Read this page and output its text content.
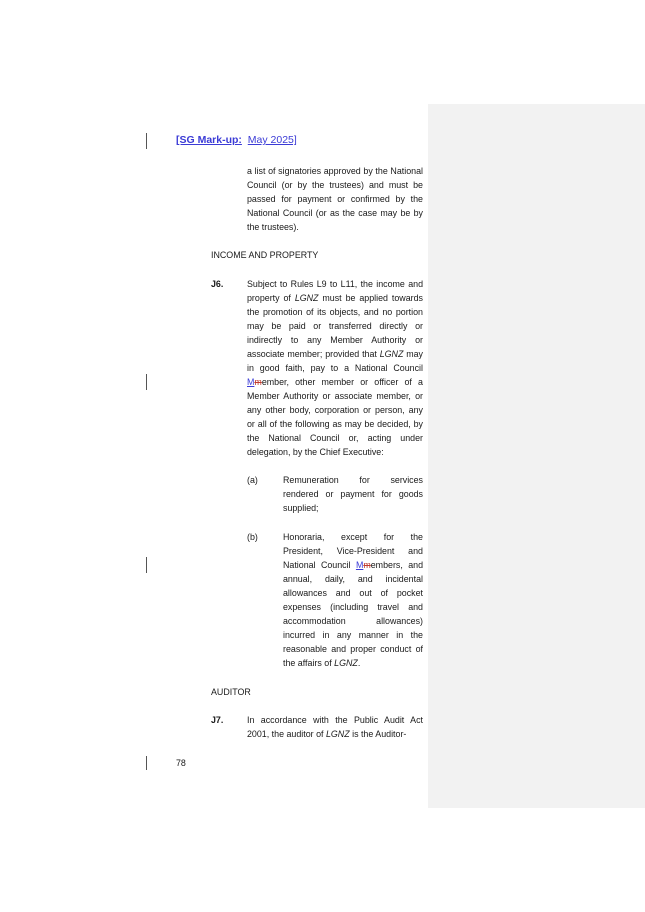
[SG Mark-up: May 2025]

a list of signatories approved by the National Council (or by the trustees) and must be passed for payment or confirmed by the National Council (or as the case may be by the trustees).

INCOME AND PROPERTY

J6.	Subject to Rules L9 to L11, the income and property of LGNZ must be applied towards the promotion of its objects, and no portion may be paid or transferred directly or indirectly to any Member Authority or associate member; provided that LGNZ may in good faith, pay to a National Council Mmember, other member or officer of a Member Authority or associate member, or any other body, corporation or person, any or all of the following as may be decided, by the National Council or, acting under delegation, by the Chief Executive:

(a)	Remuneration for services rendered or payment for goods supplied;

(b)	Honoraria, except for the President, Vice-President and National Council Mmembers, and annual, daily, and incidental allowances and out of pocket expenses (including travel and accommodation allowances) incurred in any manner in the reasonable and proper conduct of the affairs of LGNZ.

AUDITOR

J7.	In accordance with the Public Audit Act 2001, the auditor of LGNZ is the Auditor-

78
